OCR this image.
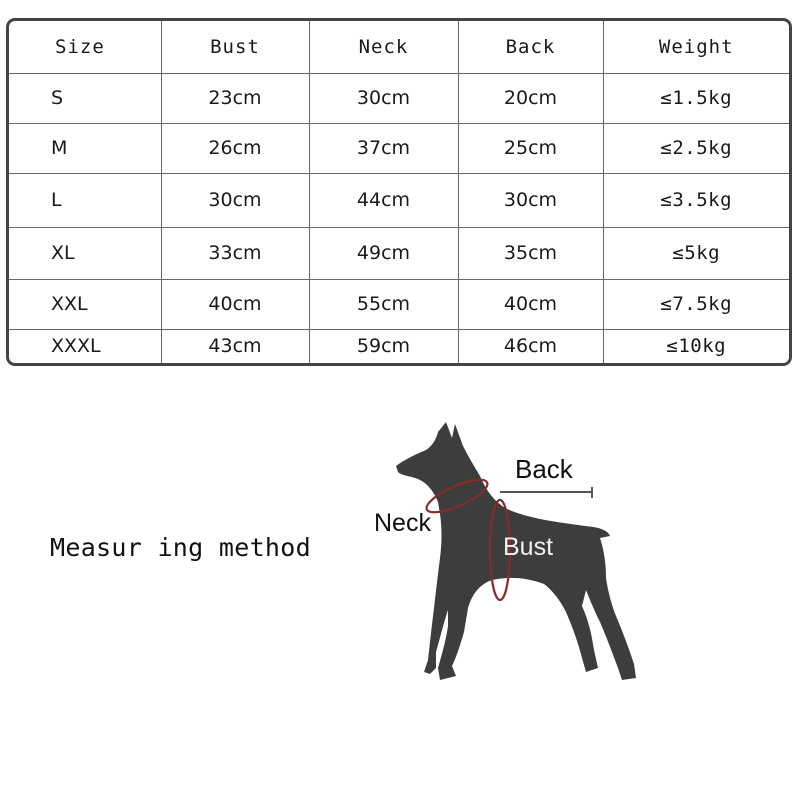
Size	Bust	Neck	Back	Weight
S	23cm	30cm	20cm	≤1.5kg
M	26cm	37cm	25cm	≤2.5kg
L	30cm	44cm	30cm	≤3.5kg
XL	33cm	49cm	35cm	≤5kg
XXL	40cm	55cm	40cm	≤7.5kg
XXXL	43cm	59cm	46cm	≤10kg
Measur ing method
Back
Neck
Bust
